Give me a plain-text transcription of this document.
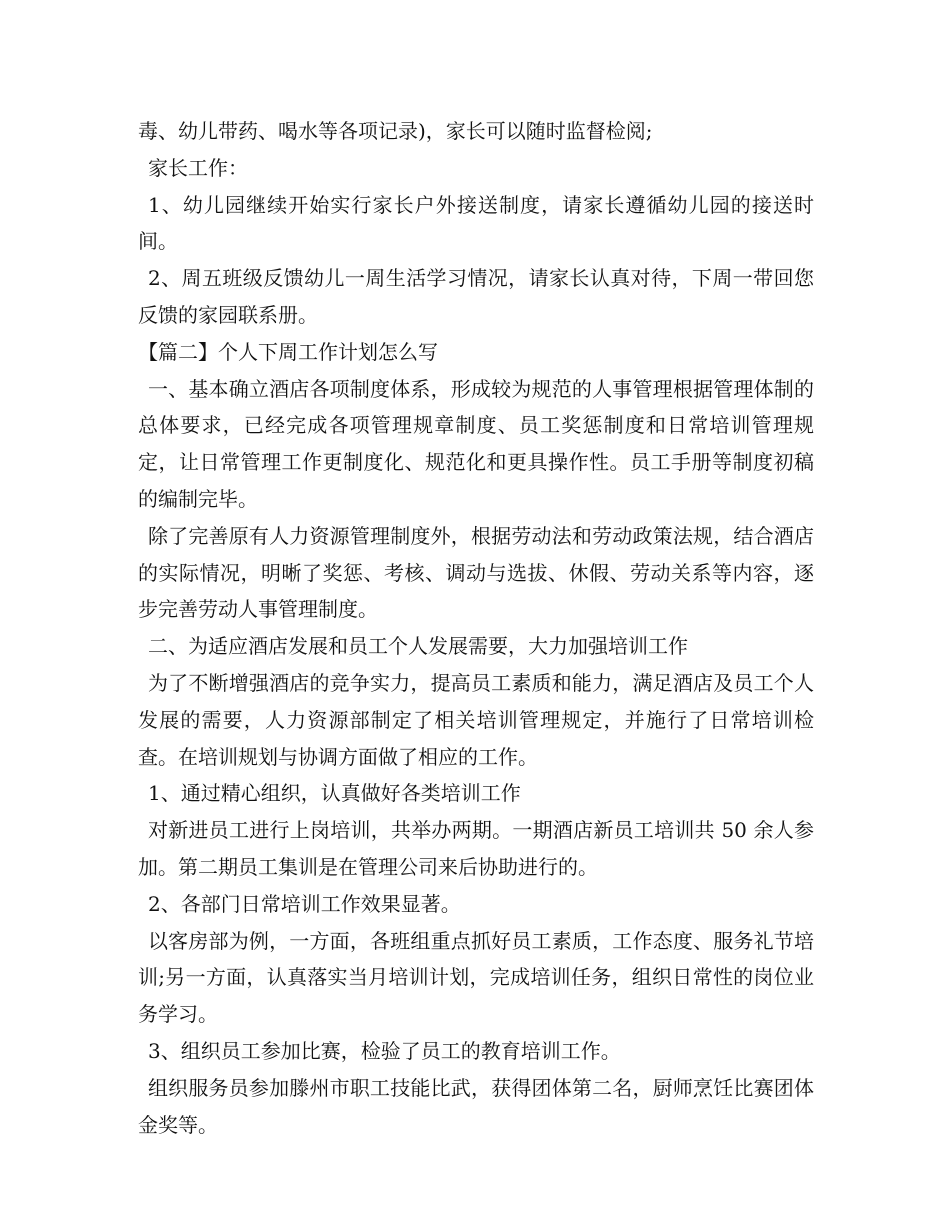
毒、幼儿带药、喝水等各项记录)，家长可以随时监督检阅;

家长工作：

1、幼儿园继续开始实行家长户外接送制度，请家长遵循幼儿园的接送时间。

2、周五班级反馈幼儿一周生活学习情况，请家长认真对待，下周一带回您反馈的家园联系册。

【篇二】个人下周工作计划怎么写

一、基本确立酒店各项制度体系，形成较为规范的人事管理根据管理体制的总体要求，已经完成各项管理规章制度、员工奖惩制度和日常培训管理规定，让日常管理工作更制度化、规范化和更具操作性。员工手册等制度初稿的编制完毕。

除了完善原有人力资源管理制度外，根据劳动法和劳动政策法规，结合酒店的实际情况，明晰了奖惩、考核、调动与选拔、休假、劳动关系等内容，逐步完善劳动人事管理制度。

二、为适应酒店发展和员工个人发展需要，大力加强培训工作

为了不断增强酒店的竞争实力，提高员工素质和能力，满足酒店及员工个人发展的需要，人力资源部制定了相关培训管理规定，并施行了日常培训检查。在培训规划与协调方面做了相应的工作。

1、通过精心组织，认真做好各类培训工作

对新进员工进行上岗培训，共举办两期。一期酒店新员工培训共 50 余人参加。第二期员工集训是在管理公司来后协助进行的。

2、各部门日常培训工作效果显著。

以客房部为例，一方面，各班组重点抓好员工素质，工作态度、服务礼节培训;另一方面，认真落实当月培训计划，完成培训任务，组织日常性的岗位业务学习。

3、组织员工参加比赛，检验了员工的教育培训工作。

组织服务员参加滕州市职工技能比武，获得团体第二名，厨师烹饪比赛团体金奖等。
